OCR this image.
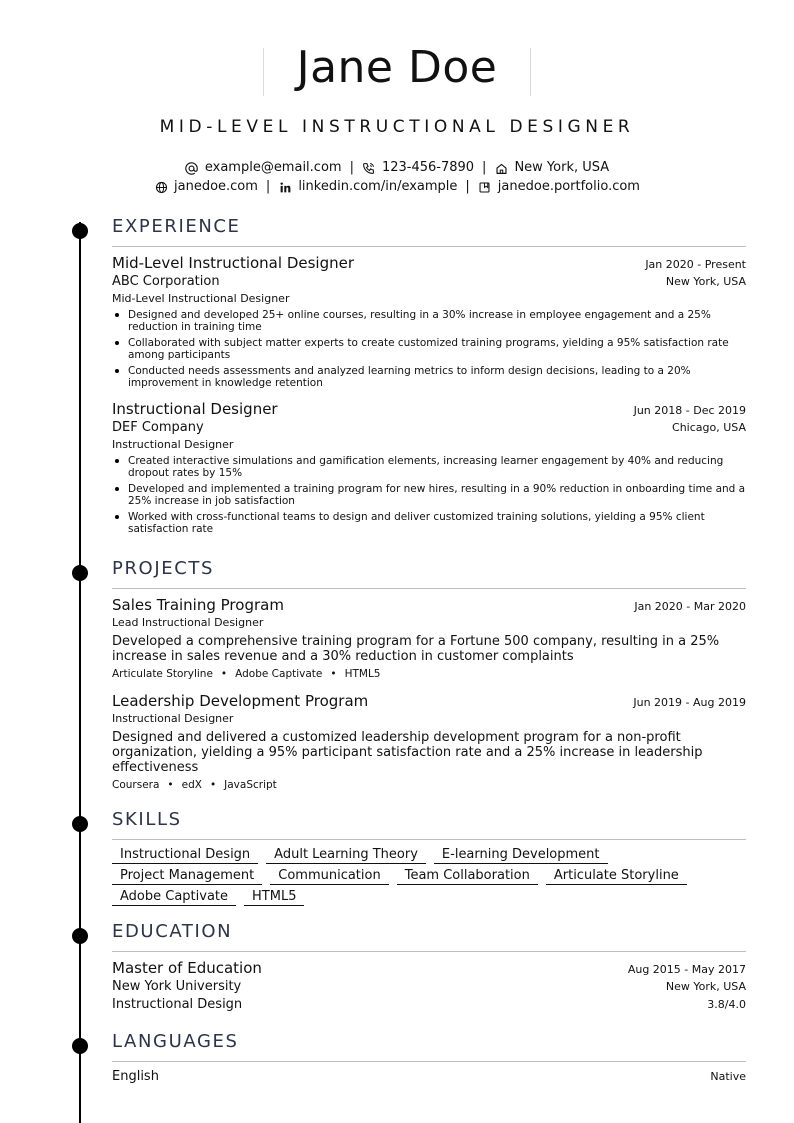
Jane Doe
MID-LEVEL INSTRUCTIONAL DESIGNER
example@email.com | 123-456-7890 | New York, USA
janedoe.com | linkedin.com/in/example | janedoe.portfolio.com
EXPERIENCE
Mid-Level Instructional Designer	Jan 2020 - Present
ABC Corporation	New York, USA
Mid-Level Instructional Designer
Designed and developed 25+ online courses, resulting in a 30% increase in employee engagement and a 25% reduction in training time
Collaborated with subject matter experts to create customized training programs, yielding a 95% satisfaction rate among participants
Conducted needs assessments and analyzed learning metrics to inform design decisions, leading to a 20% improvement in knowledge retention
Instructional Designer	Jun 2018 - Dec 2019
DEF Company	Chicago, USA
Instructional Designer
Created interactive simulations and gamification elements, increasing learner engagement by 40% and reducing dropout rates by 15%
Developed and implemented a training program for new hires, resulting in a 90% reduction in onboarding time and a 25% increase in job satisfaction
Worked with cross-functional teams to design and deliver customized training solutions, yielding a 95% client satisfaction rate
PROJECTS
Sales Training Program	Jan 2020 - Mar 2020
Lead Instructional Designer
Developed a comprehensive training program for a Fortune 500 company, resulting in a 25% increase in sales revenue and a 30% reduction in customer complaints
Articulate Storyline • Adobe Captivate • HTML5
Leadership Development Program	Jun 2019 - Aug 2019
Instructional Designer
Designed and delivered a customized leadership development program for a non-profit organization, yielding a 95% participant satisfaction rate and a 25% increase in leadership effectiveness
Coursera • edX • JavaScript
SKILLS
Instructional Design	Adult Learning Theory	E-learning Development
Project Management	Communication	Team Collaboration	Articulate Storyline
Adobe Captivate	HTML5
EDUCATION
Master of Education	Aug 2015 - May 2017
New York University	New York, USA
Instructional Design	3.8/4.0
LANGUAGES
English	Native
